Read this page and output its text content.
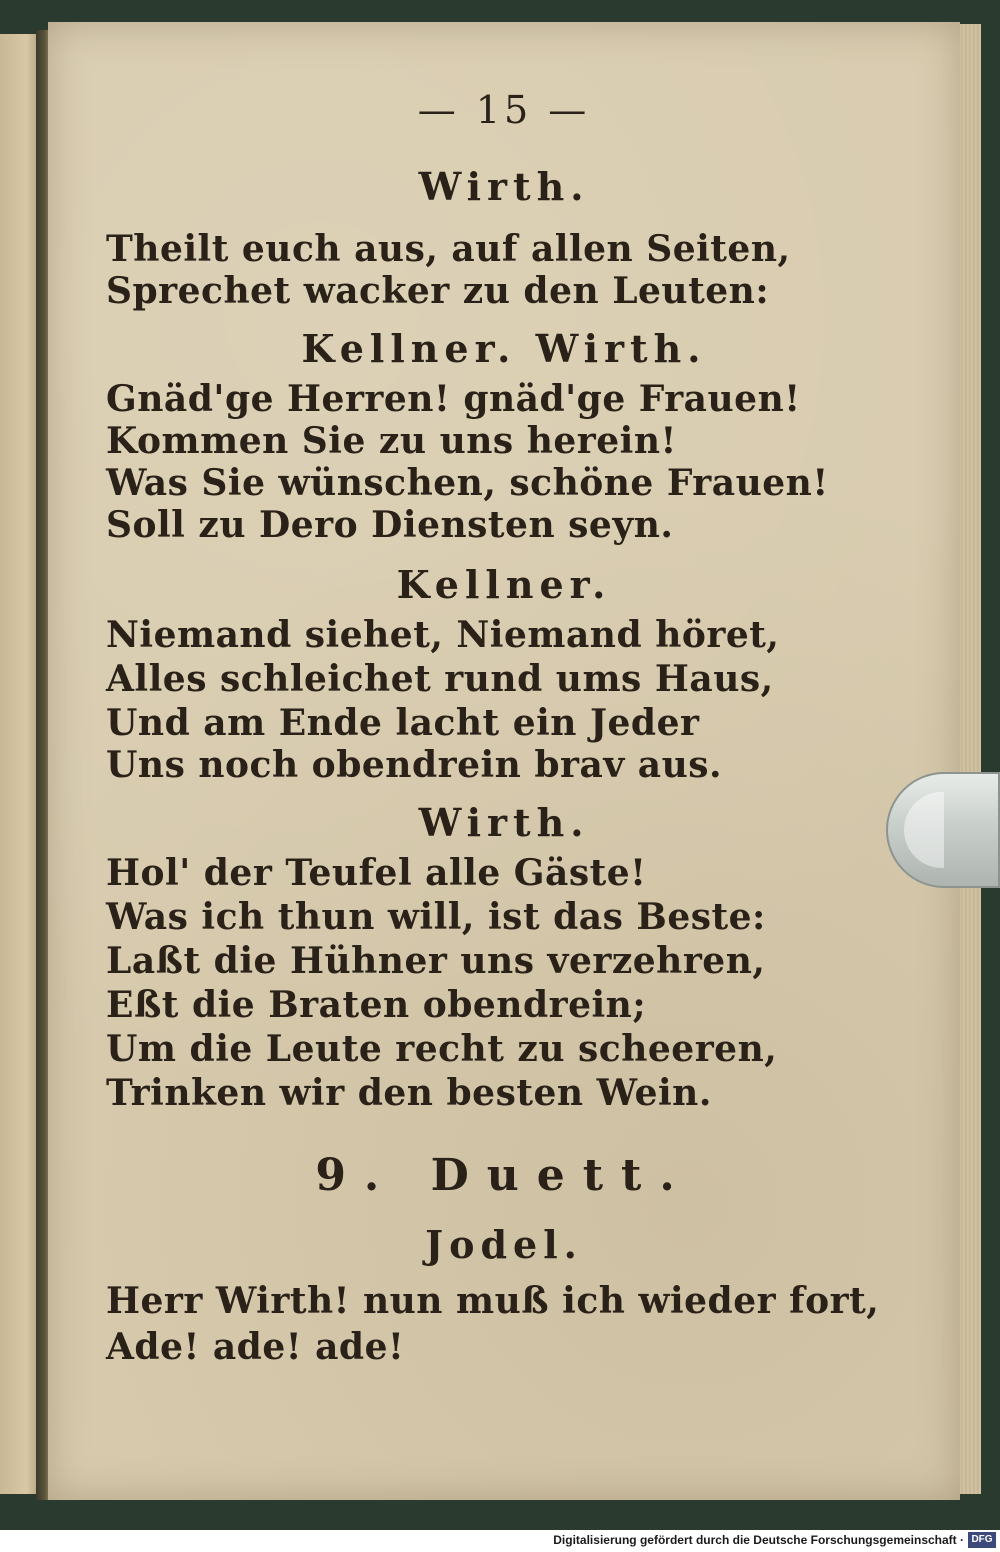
— 15 —
Wirth.
Theilt euch aus, auf allen Seiten,
Sprechet wacker zu den Leuten:
Kellner. Wirth.
Gnäd'ge Herren! gnäd'ge Frauen!
Kommen Sie zu uns herein!
Was Sie wünschen, schöne Frauen!
Soll zu Dero Diensten seyn.
Kellner.
Niemand siehet, Niemand höret,
Alles schleichet rund ums Haus,
Und am Ende lacht ein Jeder
Uns noch obendrein brav aus.
Wirth.
Hol' der Teufel alle Gäste!
Was ich thun will, ist das Beste:
Laßt die Hühner uns verzehren,
Eßt die Braten obendrein;
Um die Leute recht zu scheeren,
Trinken wir den besten Wein.
9. Duett.
Jodel.
Herr Wirth! nun muß ich wieder fort,
Ade! ade! ade!
Digitalisierung gefördert durch die Deutsche Forschungsgemeinschaft · DFG
